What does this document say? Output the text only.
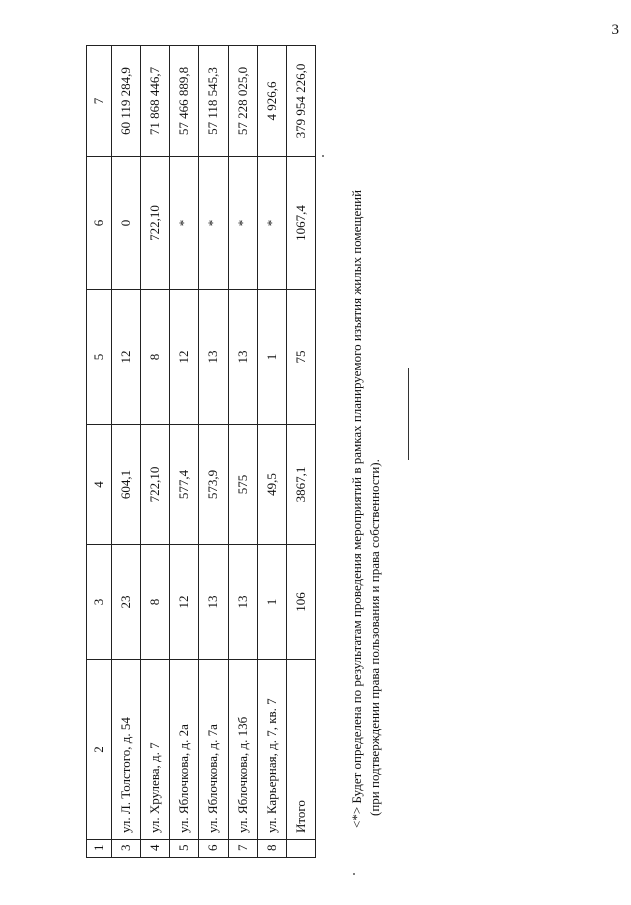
3
1	2	3	4	5	6	7
3	ул. Л. Толстого, д. 54	23	604,1	12	0	60 119 284,9
4	ул. Хрулева, д. 7	8	722,10	8	722,10	71 868 446,7
5	ул. Яблочкова, д. 2а	12	577,4	12	*	57 466 889,8
6	ул. Яблочкова, д. 7а	13	573,9	13	*	57 118 545,3
7	ул. Яблочкова, д. 13б	13	575	13	*	57 228 025,0
8	ул. Карьерная, д. 7, кв. 7	1	49,5	1	*	4 926,6
	Итого	106	3867,1	75	1067,4	379 954 226,0
<*> Будет определена по результатам проведения мероприятий в рамках планируемого изъятия жилых помещений (при подтверждении права пользования и права собственности).
